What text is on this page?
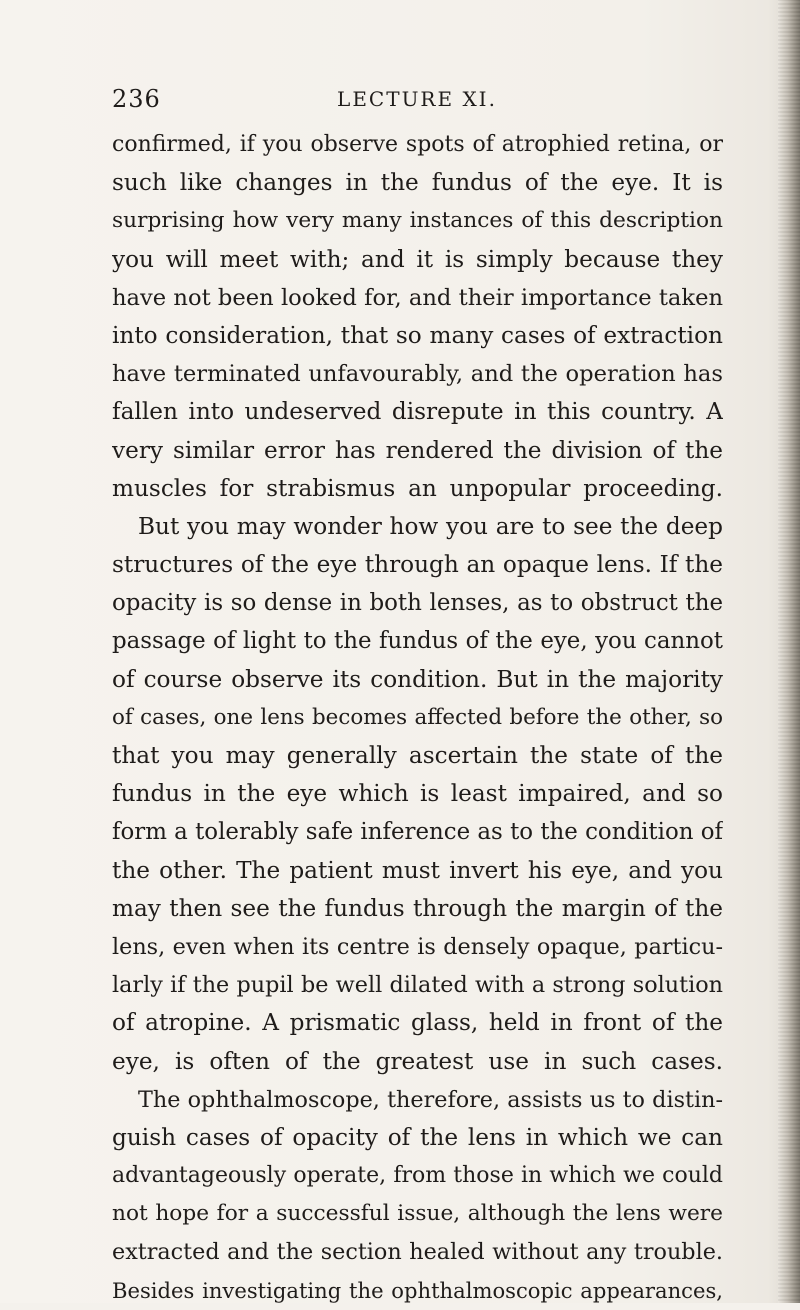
236	LECTURE XI.
confirmed, if you observe spots of atrophied retina, or
such like changes in the fundus of the eye. It is
surprising how very many instances of this description
you will meet with; and it is simply because they
have not been looked for, and their importance taken
into consideration, that so many cases of extraction
have terminated unfavourably, and the operation has
fallen into undeserved disrepute in this country. A
very similar error has rendered the division of the
muscles for strabismus an unpopular proceeding.
But you may wonder how you are to see the deep
structures of the eye through an opaque lens. If the
opacity is so dense in both lenses, as to obstruct the
passage of light to the fundus of the eye, you cannot
of course observe its condition. But in the majority
of cases, one lens becomes affected before the other, so
that you may generally ascertain the state of the
fundus in the eye which is least impaired, and so
form a tolerably safe inference as to the condition of
the other. The patient must invert his eye, and you
may then see the fundus through the margin of the
lens, even when its centre is densely opaque, particu-
larly if the pupil be well dilated with a strong solution
of atropine. A prismatic glass, held in front of the
eye, is often of the greatest use in such cases.
The ophthalmoscope, therefore, assists us to distin-
guish cases of opacity of the lens in which we can
advantageously operate, from those in which we could
not hope for a successful issue, although the lens were
extracted and the section healed without any trouble.
Besides investigating the ophthalmoscopic appearances,
